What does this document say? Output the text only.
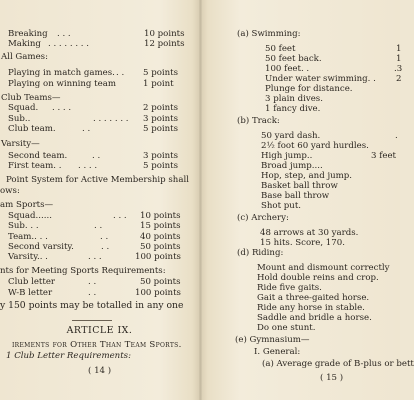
Breaking . . .	10 points
Making . . . . . . . .	12 points
All Games:
Playing in match games. . . 5 points
Playing on winning team	1 point
Club Teams—
Squad. . . . .	2 points
Sub..	. . . . . . . 3 points
Club team.	. .	5 points
Varsity—
Second team.	. .	3 points
First team. . . . . .	5 points
Point System for Active Membership shall
ows:
am Sports—
Squad......	. . . 10 points
Sub. . .	. .	15 points
Team.. . .	. .	40 points
Second varsity.	. .	50 points
Varsity.. .	. . .	100 points
nts for Meeting Sports Requirements:
Club letter	. .	50 points
W-B letter	. .	100 points
y 150 points may be totalled in any one
ARTICLE IX.
irements for Other Than Team Sports.
1 Club Letter Requirements:
( 14 )
(a) Swimming:
50 feet	1
50 feet back.	1
100 feet. .	.3
Under water swimming. . 2
Plunge for distance.
3 plain dives.
1 fancy dive.
(b) Track:
50 yard dash.	.
2½ foot 60 yard hurdles.
High jump..	3 feet
Broad jump....
Hop, step, and jump.
Basket ball throw
Base ball throw
Shot put.
(c) Archery:
48 arrows at 30 yards.
15 hits. Score, 170.
(d) Riding:
Mount and dismount correctly
Hold double reins and crop.
Ride five gaits.
Gait a three-gaited horse.
Ride any horse in stable.
Saddle and bridle a horse.
Do one stunt.
(e) Gymnasium—
I. General:
(a) Average grade of B-plus or bett
( 15 )
